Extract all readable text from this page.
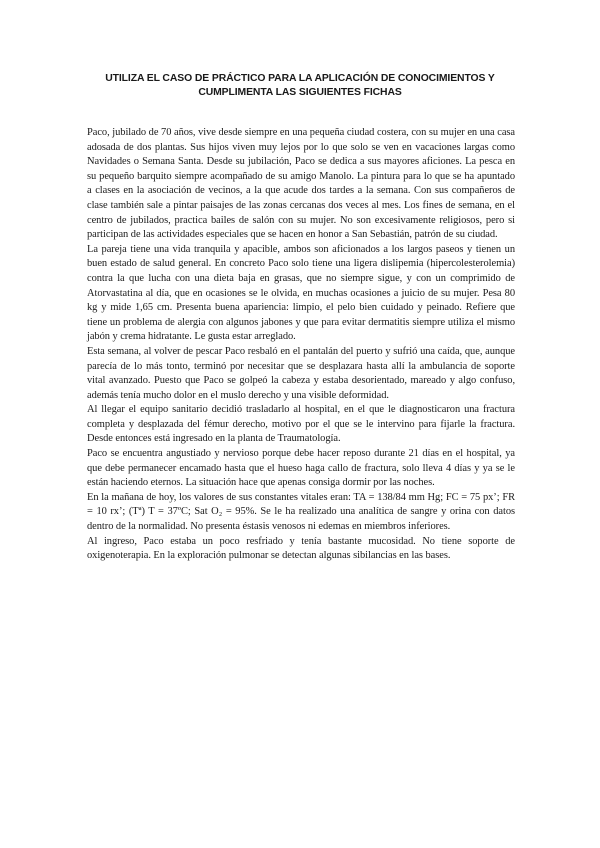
UTILIZA EL CASO DE PRÁCTICO PARA LA APLICACIÓN DE CONOCIMIENTOS Y
CUMPLIMENTA LAS SIGUIENTES FICHAS

Paco, jubilado de 70 años, vive desde siempre en una pequeña ciudad costera, con su mujer en una casa adosada de dos plantas. Sus hijos viven muy lejos por lo que solo se ven en vacaciones largas como Navidades o Semana Santa. Desde su jubilación, Paco se dedica a sus mayores aficiones. La pesca en su pequeño barquito siempre acompañado de su amigo Manolo. La pintura para lo que se ha apuntado a clases en la asociación de vecinos, a la que acude dos tardes a la semana. Con sus compañeros de clase también sale a pintar paisajes de las zonas cercanas dos veces al mes. Los fines de semana, en el centro de jubilados, practica bailes de salón con su mujer. No son excesivamente religiosos, pero si participan de las actividades especiales que se hacen en honor a San Sebastián, patrón de su ciudad.

La pareja tiene una vida tranquila y apacible, ambos son aficionados a los largos paseos y tienen un buen estado de salud general. En concreto Paco solo tiene una ligera dislipemia (hipercolesterolemia) contra la que lucha con una dieta baja en grasas, que no siempre sigue, y con un comprimido de Atorvastatina al día, que en ocasiones se le olvida, en muchas ocasiones a juicio de su mujer. Pesa 80 kg y mide 1,65 cm. Presenta buena apariencia: limpio, el pelo bien cuidado y peinado. Refiere que tiene un problema de alergia con algunos jabones y que para evitar dermatitis siempre utiliza el mismo jabón y crema hidratante. Le gusta estar arreglado.

Esta semana, al volver de pescar Paco resbaló en el pantalán del puerto y sufrió una caída, que, aunque parecía de lo más tonto, terminó por necesitar que se desplazara hasta allí la ambulancia de soporte vital avanzado. Puesto que Paco se golpeó la cabeza y estaba desorientado, mareado y algo confuso, además tenía mucho dolor en el muslo derecho y una visible deformidad.

Al llegar el equipo sanitario decidió trasladarlo al hospital, en el que le diagnosticaron una fractura completa y desplazada del fémur derecho, motivo por el que se le intervino para fijarle la fractura. Desde entonces está ingresado en la planta de Traumatología.

Paco se encuentra angustiado y nervioso porque debe hacer reposo durante 21 días en el hospital, ya que debe permanecer encamado hasta que el hueso haga callo de fractura, solo lleva 4 días y ya se le están haciendo eternos. La situación hace que apenas consiga dormir por las noches.

En la mañana de hoy, los valores de sus constantes vitales eran: TA = 138/84 mm Hg; FC = 75 px’; FR = 10 rx’; (Tª) T = 37ºC; Sat O₂ = 95%. Se le ha realizado una analítica de sangre y orina con datos dentro de la normalidad. No presenta éstasis venosos ni edemas en miembros inferiores.

Al ingreso, Paco estaba un poco resfriado y tenía bastante mucosidad. No tiene soporte de oxigenoterapia. En la exploración pulmonar se detectan algunas sibilancias en las bases.
